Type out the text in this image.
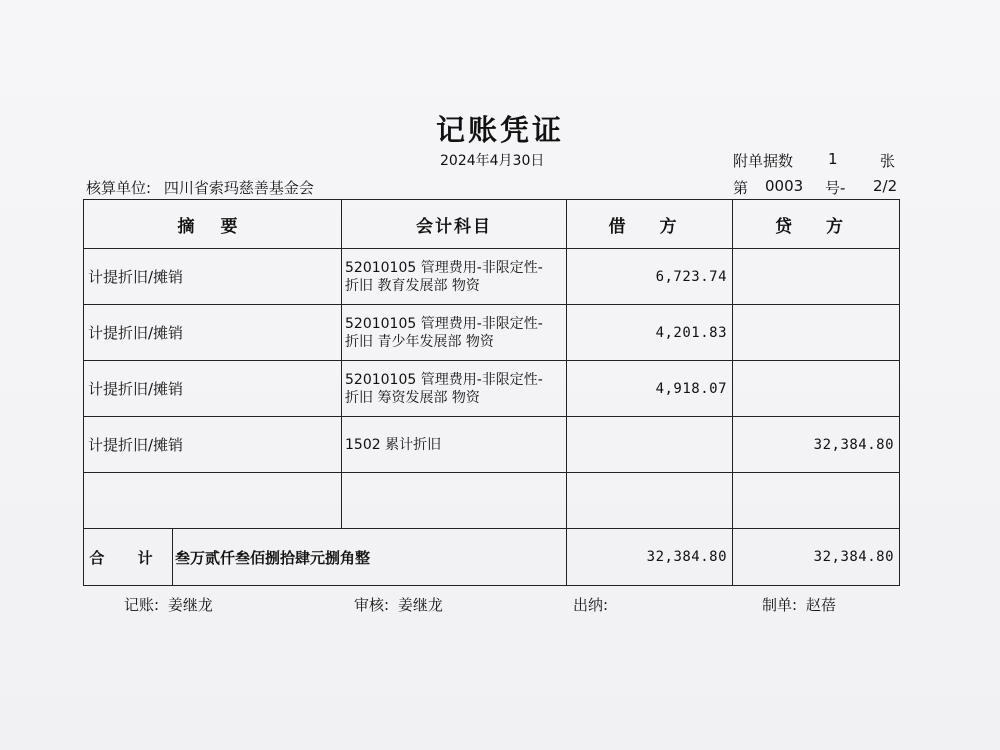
记账凭证
2024年4月30日	附单据数 1	张
核算单位: 四川省索玛慈善基金会	第 0003 号- 2/2
摘 要		会计科目	借 方	贷 方
计提折旧/摊销		52010105 管理费用-非限定性-
折旧 教育发展部 物资	6,723.74	
计提折旧/摊销		52010105 管理费用-非限定性-
折旧 青少年发展部 物资	4,201.83	
计提折旧/摊销		52010105 管理费用-非限定性-
折旧 筹资发展部 物资	4,918.07	
计提折旧/摊销		1502 累计折旧		32,384.80

合 计	叁万贰仟叁佰捌拾肆元捌角整		32,384.80	32,384.80
记账: 姜继龙	审核: 姜继龙	出纳:	制单: 赵蓓
